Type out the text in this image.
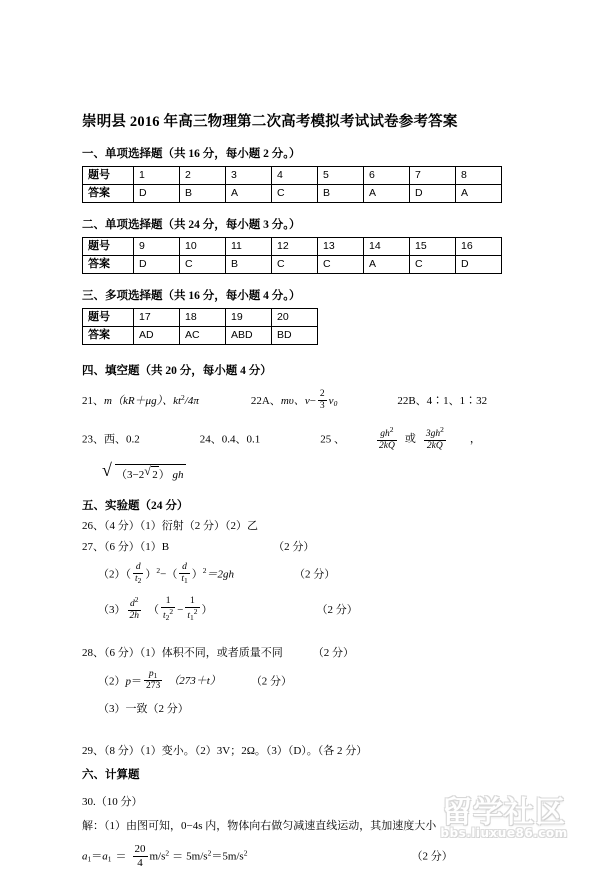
崇明县 2016 年高三物理第二次高考模拟考试试卷参考答案
一、单项选择题（共 16 分，每小题 2 分。）
题号	1	2	3	4	5	6	7	8
答案	D	B	A	C	B	A	D	A
二、单项选择题（共 24 分，每小题 3 分。）
题号	9	10	11	12	13	14	15	16
答案	D	C	B	C	C	A	C	D
三、多项选择题（共 16 分，每小题 4 分。）
题号	17	18	19	20
答案	AD	AC	ABD	BD
四、填空题（共 20 分，每小题 4 分）
21、m（kR＋μg）、$kt^2/4\pi$	22A、mυ、$v- \frac{2}{3} v_0$	22B、4∶1、1∶32
23、西、0.2	24、0.4、0.1	25 、	$\frac{gh^2}{2kQ}$ 或 $\frac{3gh^2}{2kQ}$ ，
√ （3−2 √ 2） gh
五、实验题（24 分）
26、（4 分）（1）衍射（2 分）（2）乙
27、（6 分）（1）B	（2 分）
$(2)( \frac{d}{t_2} )^2-( \frac{d}{t_1} )^2=2gh$	（2 分）
$(3) \frac{d^2}{2h}$ （ $\frac{1}{t_2^2} - \frac{1}{t_1^2}$ ）	（2 分）
28、（6 分）（1）体积不同，或者质量不同	（2 分）
$(2)p= \frac{p_1}{273} (273+t)$	（2 分）
（3）一致（2 分）
29、（8 分）（1）变小。（2）3V；2Ω。（3）（D）。（各 2 分）
六、计算题
30.（10 分）
解：（1）由图可知，0−4s 内，物体向右做匀减速直线运动，其加速度大小
$a_1=a_1 = \frac{20}{4} m/s^2 = 5m/s^2=5m/s^2$	（2 分）
留学社区
bbs.liuxue86.com
